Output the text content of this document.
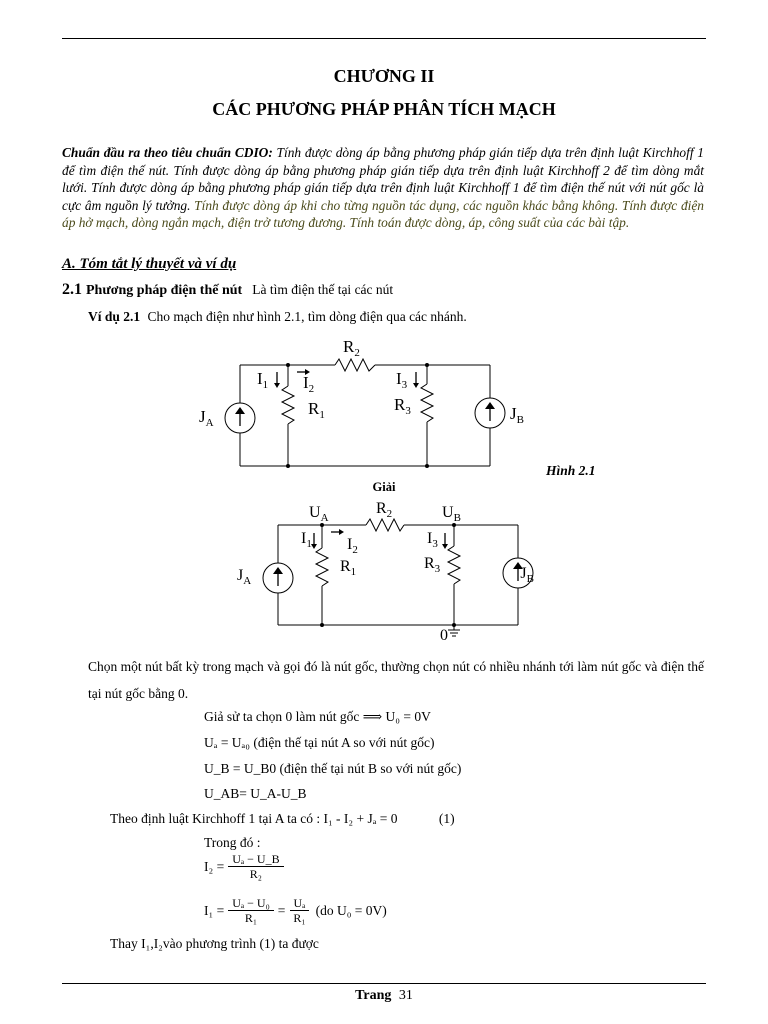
CHƯƠNG II
CÁC PHƯƠNG PHÁP PHÂN TÍCH MẠCH
Chuẩn đầu ra theo tiêu chuẩn CDIO: Tính được dòng áp bằng phương pháp gián tiếp dựa trên định luật Kirchhoff 1 để tìm điện thế nút. Tính được dòng áp bằng phương pháp gián tiếp dựa trên định luật Kirchhoff 2 để tìm dòng mắt lưới. Tính được dòng áp bằng phương pháp gián tiếp dựa trên định luật Kirchhoff 1 để tìm điện thế nút với nút gốc là cực âm nguồn lý tưởng. Tính được dòng áp khi cho từng nguồn tác dụng, các nguồn khác bằng không. Tính được điện áp hở mạch, dòng ngắn mạch, điện trở tương đương. Tính toán được dòng, áp, công suất của các bài tập.
A. Tóm tắt lý thuyết và ví dụ
2.1 Phương pháp điện thế nút Là tìm điện thế tại các nút
Ví dụ 2.1 Cho mạch điện như hình 2.1, tìm dòng điện qua các nhánh.
$R_2$
$I_1$ $I_2$
$R_1$
$I_3$
$R_3$
$J_A$	$J_B$
Hình 2.1
Giải
$U_A$	$U_B$
$R_2$
$I_1$ $I_2$
$R_1$
$I_3$
$R_3$
$J_A$	$J_B$
0
Chọn một nút bất kỳ trong mạch và gọi đó là nút gốc, thường chọn nút có nhiều nhánh tới làm nút gốc và điện thế tại nút gốc bằng 0.
Giả sử ta chọn 0 làm nút gốc ⟹ U₀ = 0V
Uₐ = Uₐ₀ (điện thế tại nút A so với nút gốc)
U_B = U_B0 (điện thế tại nút B so với nút gốc)
U_AB= U_A-U_B
Theo định luật Kirchhoff 1 tại A ta có : I₁ - I₂ + Jₐ = 0	(1)
Trong đó :
$I_2 = \frac{\text{Uₐ − U\_B}}{\text{R₂}}$
$I_1 = \frac{\text{Uₐ − U₀}}{\text{R₁}} = \frac{\text{Uₐ}}{\text{R₁}} (do$ U₀ = 0V)
Thay I₁,I₂vào phương trình (1) ta được
Trang 31
